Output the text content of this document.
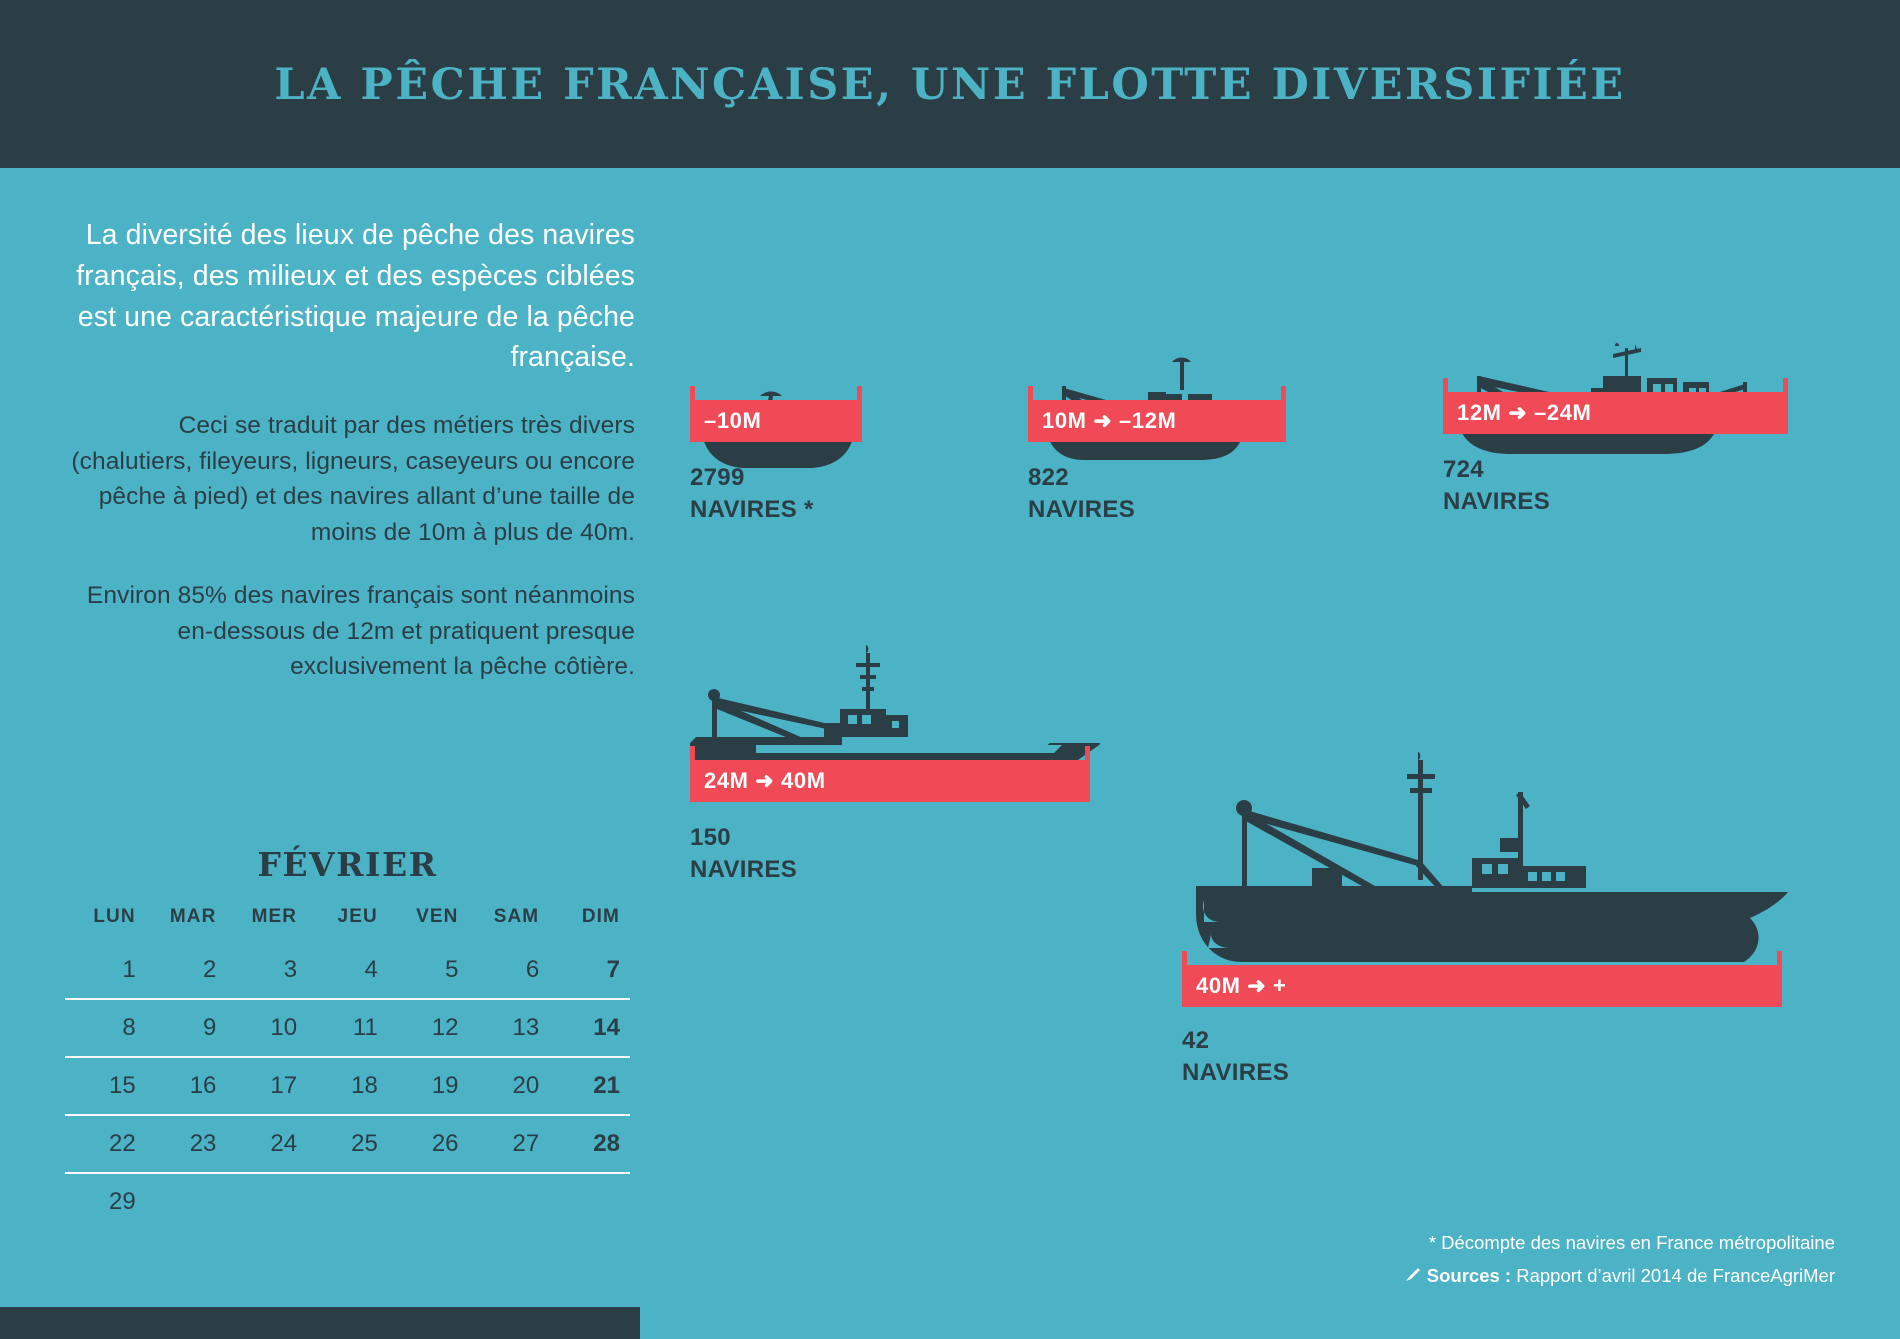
LA PÊCHE FRANÇAISE, UNE FLOTTE DIVERSIFIÉE

La diversité des lieux de pêche des navires français, des milieux et des espèces ciblées est une caractéristique majeure de la pêche française.

Ceci se traduit par des métiers très divers (chalutiers, fileyeurs, ligneurs, caseyeurs ou encore pêche à pied) et des navires allant d’une taille de moins de 10m à plus de 40m.

Environ 85% des navires français sont néanmoins en-dessous de 12m et pratiquent presque exclusivement la pêche côtière.

FÉVRIER
LUN	MAR	MER	JEU	VEN	SAM	DIM
1	2	3	4	5	6	7
8	9	10	11	12	13	14
15	16	17	18	19	20	21
22	23	24	25	26	27	28
29						
–10M
2799
NAVIRES *
10M ➜ –12M
822
NAVIRES
12M ➜ –24M
724
NAVIRES
24M ➜ 40M
150
NAVIRES
40M ➜ +
42
NAVIRES
* Décompte des navires en France métropolitaine
Sources : Rapport d’avril 2014 de FranceAgriMer
